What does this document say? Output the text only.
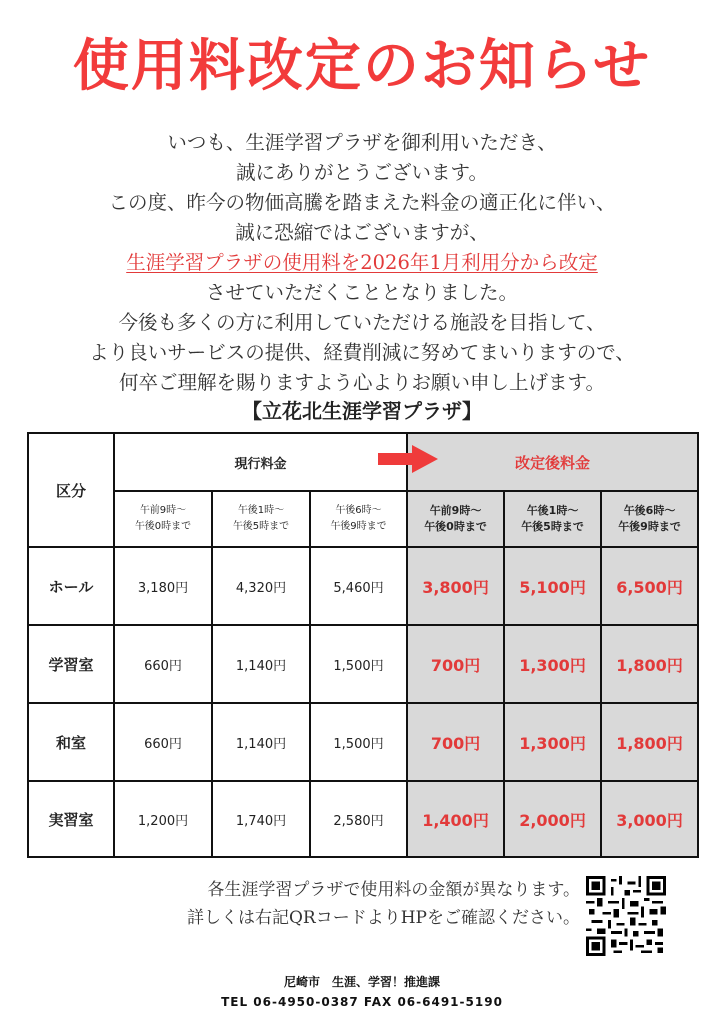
使用料改定のお知らせ
いつも、生涯学習プラザを御利用いただき、
誠にありがとうございます。
この度、昨今の物価高騰を踏まえた料金の適正化に伴い、
誠に恐縮ではございますが、
生涯学習プラザの使用料を2026年1月利用分から改定
させていただくこととなりました。
今後も多くの方に利用していただける施設を目指して、
より良いサービスの提供、経費削減に努めてまいりますので、
何卒ご理解を賜りますよう心よりお願い申し上げます。
【立花北生涯学習プラザ】
区分	現行料金			改定後料金		
	午前9時～
午後0時まで	午後1時～
午後5時まで	午後6時～
午後9時まで	午前9時～
午後0時まで	午後1時～
午後5時まで	午後6時～
午後9時まで
ホール	3,180円	4,320円	5,460円	3,800円	5,100円	6,500円
学習室	660円	1,140円	1,500円	700円	1,300円	1,800円
和室	660円	1,140円	1,500円	700円	1,300円	1,800円
実習室	1,200円	1,740円	2,580円	1,400円	2,000円	3,000円
各生涯学習プラザで使用料の金額が異なります。
詳しくは右記QRコードよりHPをご確認ください。
尼崎市　生涯、学習！推進課
TEL 06-4950-0387 FAX 06-6491-5190
